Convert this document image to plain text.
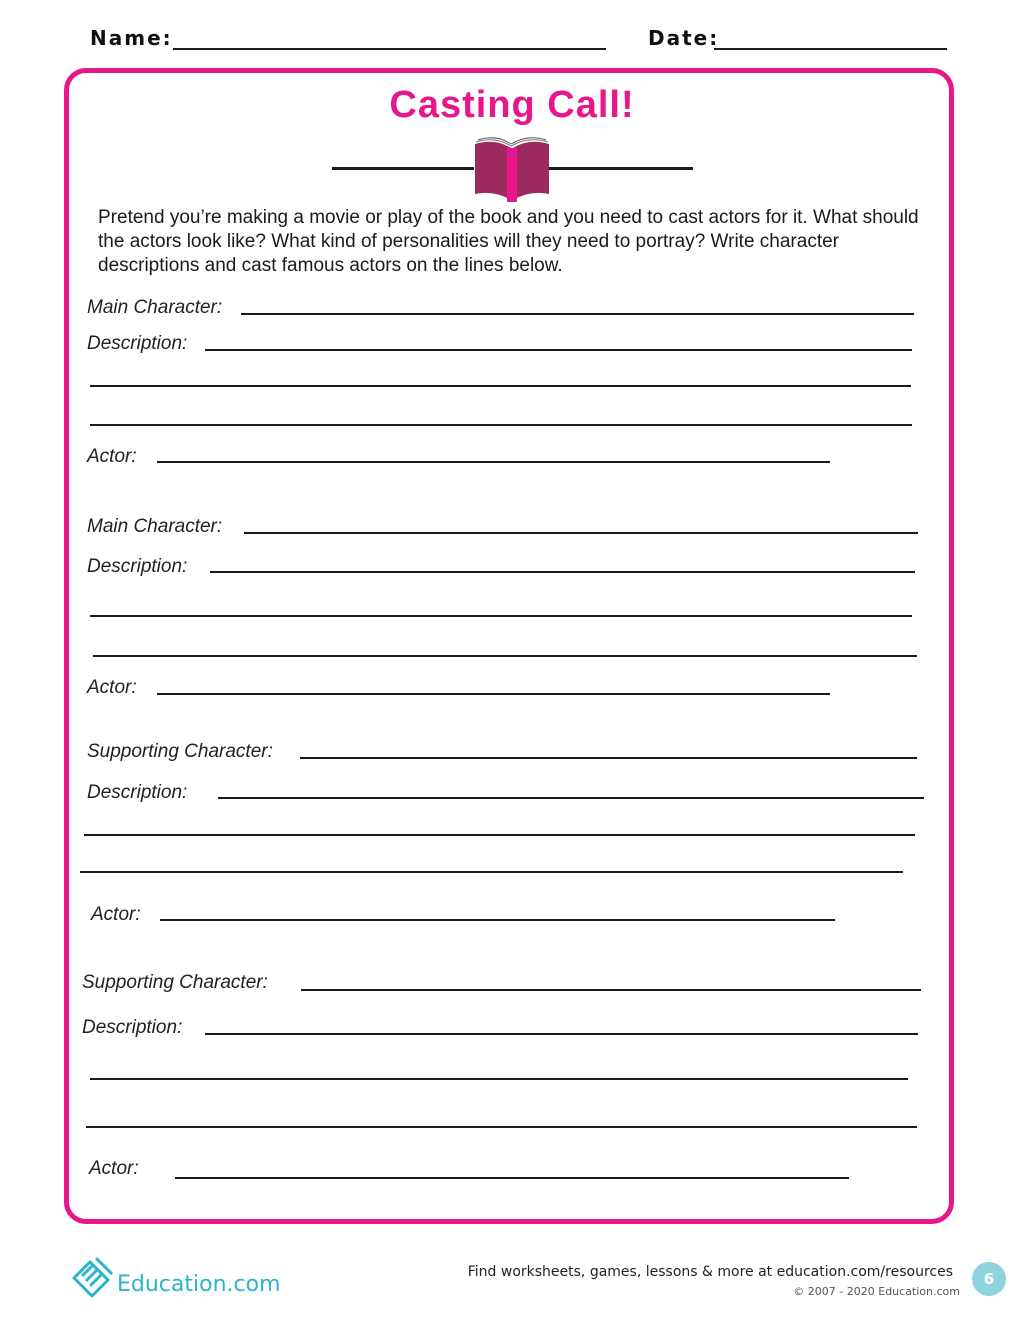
Name:	Date:
Casting Call!
Pretend you’re making a movie or play of the book and you need to cast actors for it. What should the actors look like? What kind of personalities will they need to portray? Write character descriptions and cast famous actors on the lines below.
Main Character:
Description:
Actor:
Main Character:
Description:
Actor:
Supporting Character:
Description:
Actor:
Supporting Character:
Description:
Actor:
Education.com	Find worksheets, games, lessons & more at education.com/resources
© 2007 - 2020 Education.com
6
